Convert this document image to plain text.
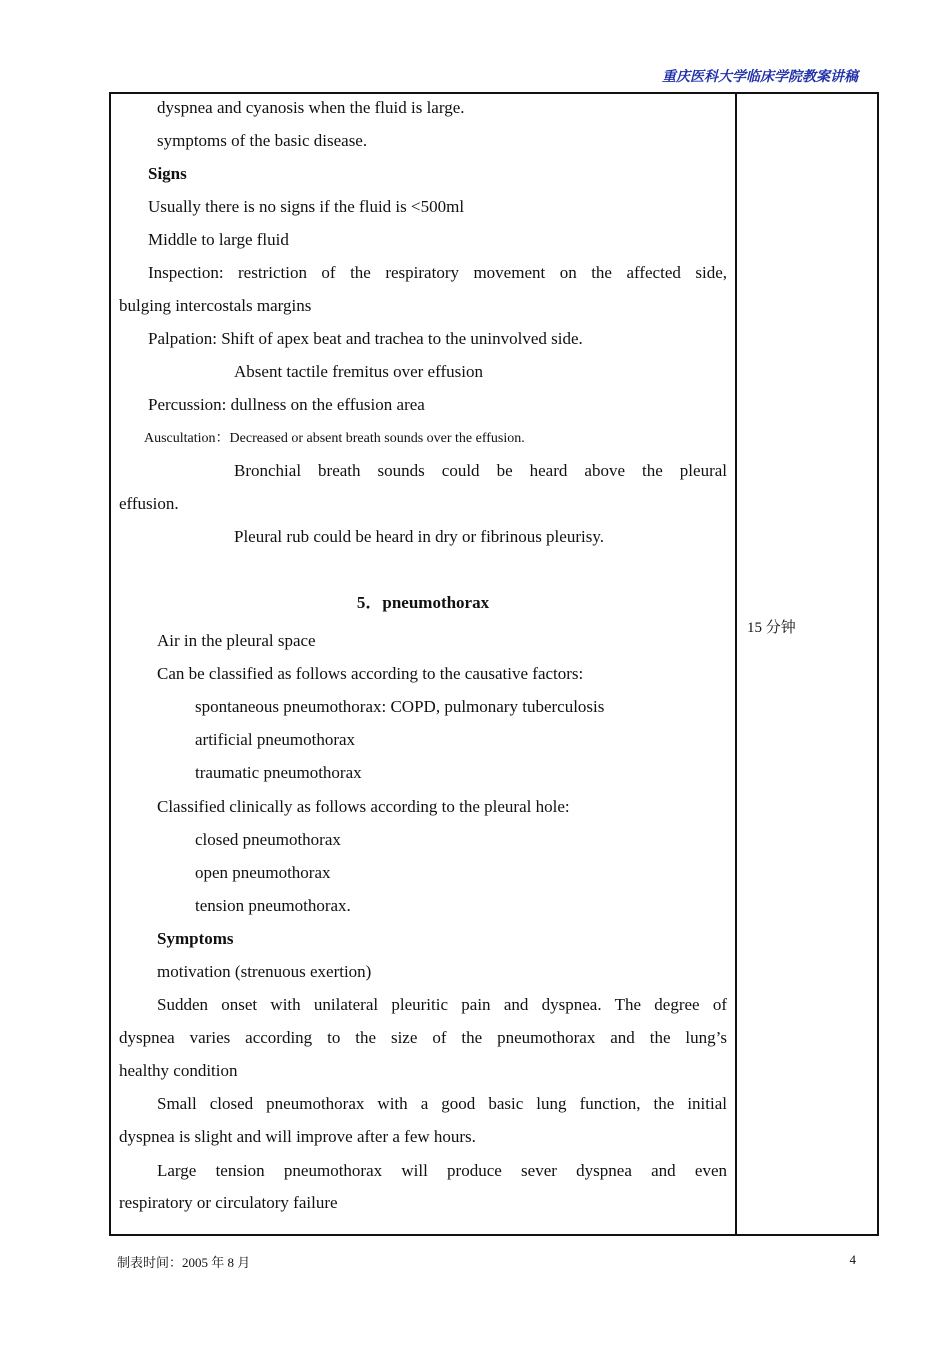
重庆医科大学临床学院教案讲稿
dyspnea and cyanosis when the fluid is large.
symptoms of the basic disease.
Signs
Usually there is no signs if the fluid is <500ml
Middle to large fluid
Inspection: restriction of the respiratory movement on the affected side,
bulging intercostals margins
Palpation: Shift of apex beat and trachea to the uninvolved side.
Absent tactile fremitus over effusion
Percussion: dullness on the effusion area
Auscultation：Decreased or absent breath sounds over the effusion.
Bronchial breath sounds could be heard above the pleural
effusion.
Pleural rub could be heard in dry or fibrinous pleurisy.
5．pneumothorax
Air in the pleural space
Can be classified as follows according to the causative factors:
spontaneous pneumothorax: COPD, pulmonary tuberculosis
artificial pneumothorax
traumatic pneumothorax
Classified clinically as follows according to the pleural hole:
closed pneumothorax
open pneumothorax
tension pneumothorax.
Symptoms
motivation (strenuous exertion)
Sudden onset with unilateral pleuritic pain and dyspnea. The degree of
dyspnea varies according to the size of the pneumothorax and the lung’s
healthy condition
Small closed pneumothorax with a good basic lung function, the initial
dyspnea is slight and will improve after a few hours.
Large tension pneumothorax will produce sever dyspnea and even
respiratory or circulatory failure
15 分钟
制表时间：2005 年 8 月	4
